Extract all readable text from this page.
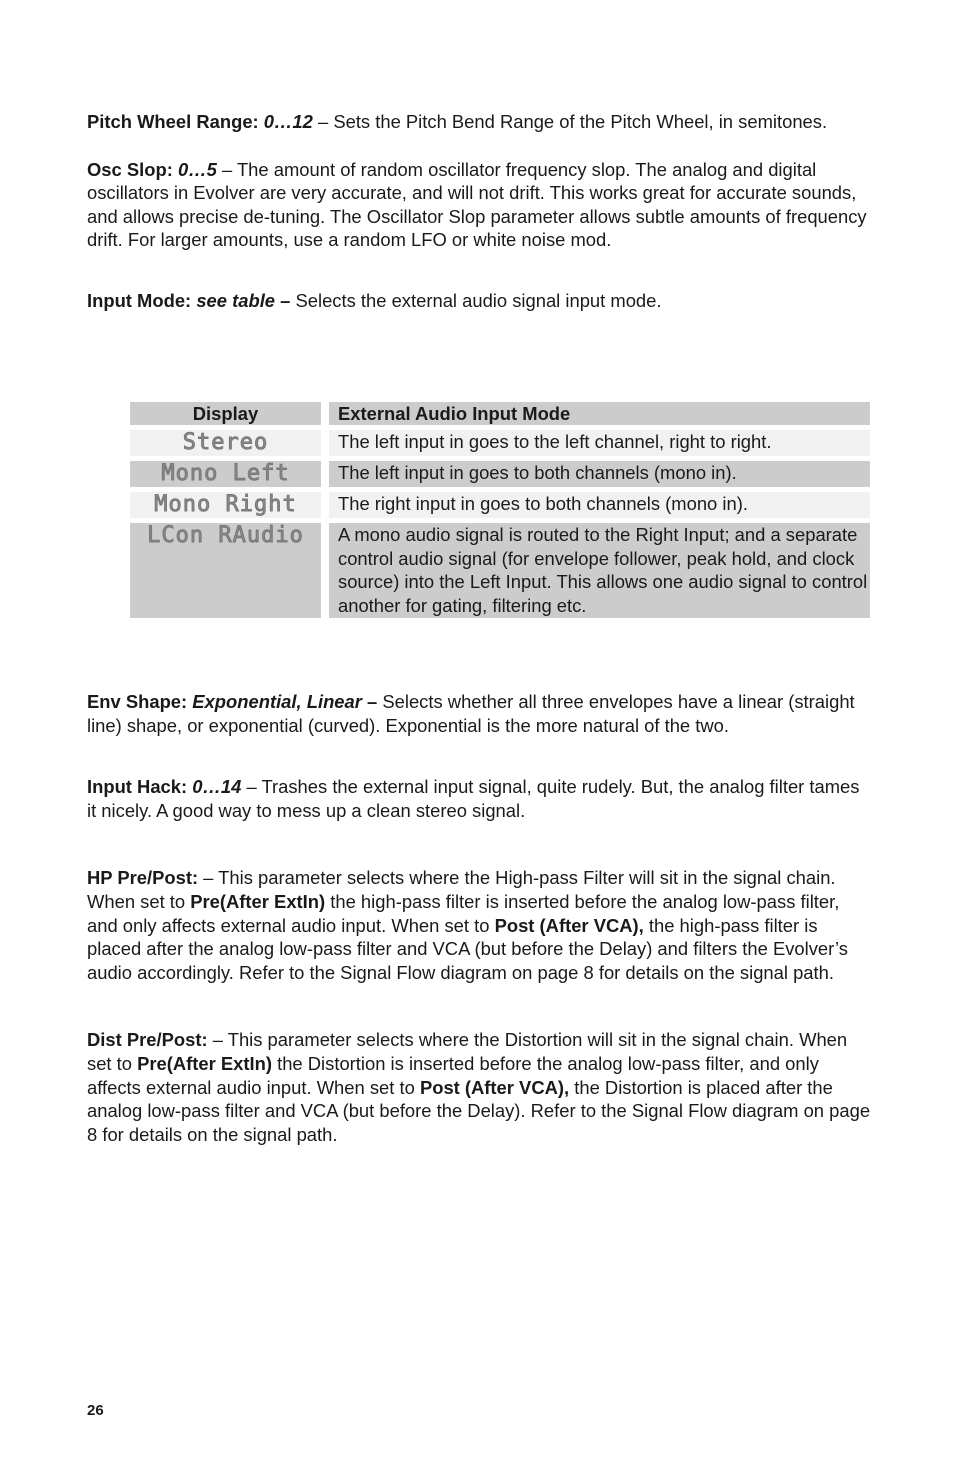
Pitch Wheel Range: 0…12 – Sets the Pitch Bend Range of the Pitch Wheel, in semitones.

Osc Slop: 0…5 – The amount of random oscillator frequency slop. The analog and digital oscillators in Evolver are very accurate, and will not drift. This works great for accurate sounds, and allows precise de-tuning. The Oscillator Slop parameter allows subtle amounts of frequency drift. For larger amounts, use a random LFO or white noise mod.

Input Mode: see table – Selects the external audio signal input mode.

Display		External Audio Input Mode
Stereo		The left input in goes to the left channel, right to right.
Mono Left		The left input in goes to both channels (mono in).
Mono Right		The right input in goes to both channels (mono in).
LCon RAudio		A mono audio signal is routed to the Right Input; and a separate control audio signal (for envelope follower, peak hold, and clock source) into the Left Input. This allows one audio signal to control another for gating, filtering etc.

Env Shape: Exponential, Linear – Selects whether all three envelopes have a linear (straight line) shape, or exponential (curved). Exponential is the more natural of the two.

Input Hack: 0…14 – Trashes the external input signal, quite rudely. But, the analog filter tames it nicely. A good way to mess up a clean stereo signal.

HP Pre/Post: – This parameter selects where the High-pass Filter will sit in the signal chain. When set to Pre(After ExtIn) the high-pass filter is inserted before the analog low-pass filter, and only affects external audio input. When set to Post (After VCA), the high-pass filter is placed after the analog low-pass filter and VCA (but before the Delay) and filters the Evolver’s audio accordingly. Refer to the Signal Flow diagram on page 8 for details on the signal path.

Dist Pre/Post: – This parameter selects where the Distortion will sit in the signal chain. When set to Pre(After ExtIn) the Distortion is inserted before the analog low-pass filter, and only affects external audio input. When set to Post (After VCA), the Distortion is placed after the analog low-pass filter and VCA (but before the Delay). Refer to the Signal Flow diagram on page 8 for details on the signal path.

26
